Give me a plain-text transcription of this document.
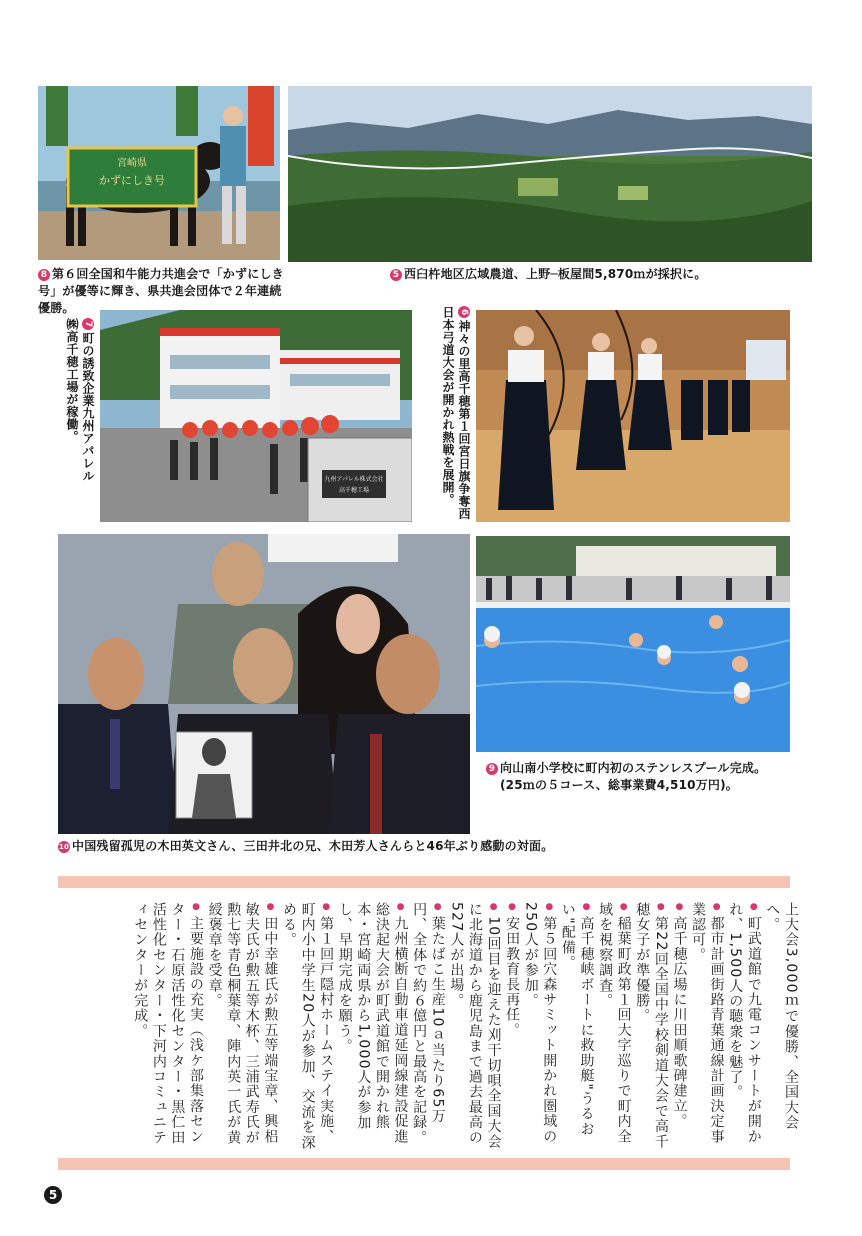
宮崎県
かずにしき号
8 第６回全国和牛能力共進会で「かずにしき号」が優等に輝き、県共進会団体で２年連続優勝。
5 西臼杵地区広域農道、上野─板屋間5,870ｍが採択に。
7町の誘致企業九州アパレル㈱高千穂工場が稼働。
九州アパレル株式会社
高千穂工場
6神々の里高千穂第１回宮日旗争奪西日本弓道大会が開かれ熱戦を展開。
9 向山南小学校に町内初のステンレスプール完成。
(25ｍの５コース、総事業費4,510万円)。
10 中国残留孤児の木田英文さん、三田井北の兄、木田芳人さんらと46年ぶり感動の対面。

上大会3,000ｍで優勝、全国大会へ。

●町武道館で九電コンサートが開かれ、1,500人の聴衆を魅了。

●都市計画街路青葉通線計画決定事業認可。

●高千穂広場に川田順歌碑建立。

●第22回全国中学校剣道大会で高千穂女子が準優勝。

●稲葉町政第１回大字巡りで町内全域を視察調査。

●高千穂峡ボートに救助艇"うるおい"配備。

●第５回穴森サミット開かれ圏域の250人が参加。

●安田教育長再任。

●10回目を迎えた刈干切唄全国大会に北海道から鹿児島まで過去最高の527人が出場。

●葉たばこ生産10ａ当たり65万円、全体で約６億円と最高を記録。

●九州横断自動車道延岡線建設促進総決起大会が町武道館で開かれ熊本・宮崎両県から1,000人が参加し、早期完成を願う。

●第１回戸隠村ホームステイ実施、町内小中学生20人が参加、交流を深める。

●田中幸雄氏が勲五等端宝章、興梠敏夫氏が勲五等木杯、三浦武寿氏が勲七等青色桐葉章、陣内英一氏が黄綬褒章を受章。

●主要施設の充実（浅ケ部集落センター・石原活性化センター・黒仁田活性化センター・下河内コミュニティセンターが完成。

5
